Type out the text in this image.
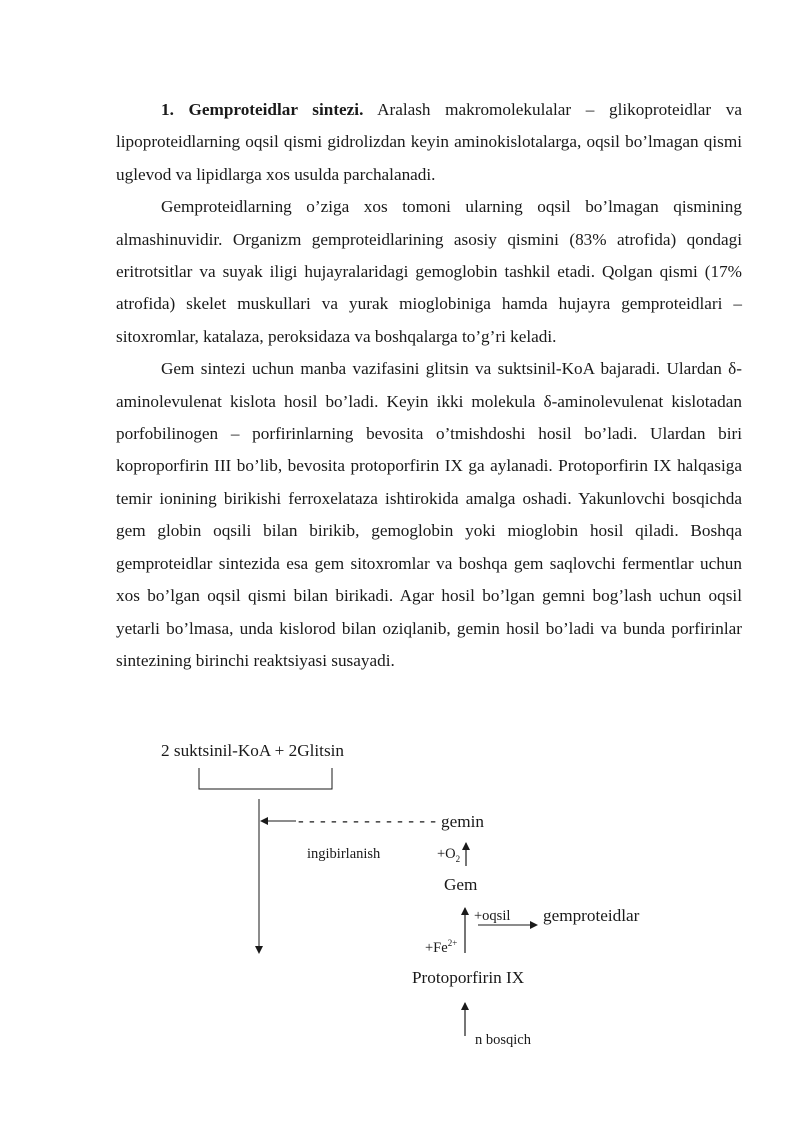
1. Gemproteidlar sintezi. Aralash makromolekulalar – glikoproteidlar va lipoproteidlarning oqsil qismi gidrolizdan keyin aminokislotalarga, oqsil bo’lmagan qismi uglevod va lipidlarga xos usulda parchalanadi.

Gemproteidlarning o’ziga xos tomoni ularning oqsil bo’lmagan qismining almashinuvidir. Organizm gemproteidlarining asosiy qismini (83% atrofida) qondagi eritrotsitlar va suyak iligi hujayralaridagi gemoglobin tashkil etadi. Qolgan qismi (17% atrofida) skelet muskullari va yurak mioglobiniga hamda hujayra gemproteidlari – sitoxromlar, katalaza, peroksidaza va boshqalarga to’g’ri keladi.

Gem sintezi uchun manba vazifasini glitsin va suktsinil-KoA bajaradi. Ulardan δ-aminolevulenat kislota hosil bo’ladi. Keyin ikki molekula δ-aminolevulenat kislotadan porfobilinogen – porfirinlarning bevosita o’tmishdoshi hosil bo’ladi. Ulardan biri koproporfirin III bo’lib, bevosita protoporfirin IX ga aylanadi. Protoporfirin IX halqasiga temir ionining birikishi ferroxelataza ishtirokida amalga oshadi. Yakunlovchi bosqichda gem globin oqsili bilan birikib, gemoglobin yoki mioglobin hosil qiladi. Boshqa gemproteidlar sintezida esa gem sitoxromlar va boshqa gem saqlovchi fermentlar uchun xos bo’lgan oqsil qismi bilan birikadi. Agar hosil bo’lgan gemni bog’lash uchun oqsil yetarli bo’lmasa, unda kislorod bilan oziqlanib, gemin hosil bo’ladi va bunda porfirinlar sintezining birinchi reaktsiyasi susayadi.

2 suktsinil-KoA + 2Glitsin
- - - - - - - - - - - - - gemin
ingibirlanish	$+O_2$
Gem
+oqsil gemproteidlar
$+Fe^{2+}$
Protoporfirin IX
n bosqich
